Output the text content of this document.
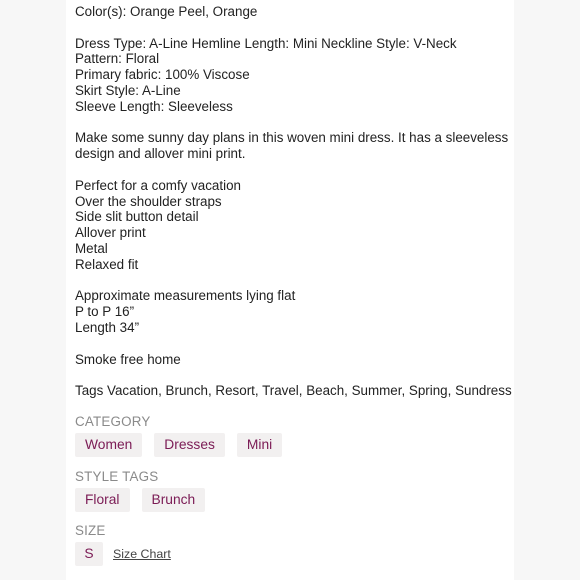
Color(s): Orange Peel, Orange
Dress Type: A-Line Hemline Length: Mini Neckline Style: V-Neck
Pattern: Floral
Primary fabric: 100% Viscose
Skirt Style: A-Line
Sleeve Length: Sleeveless
Make some sunny day plans in this woven mini dress. It has a sleeveless
design and allover mini print.
Perfect for a comfy vacation
Over the shoulder straps
Side slit button detail
Allover print
Metal
Relaxed fit
Approximate measurements lying flat
P to P 16”
Length 34”
Smoke free home
Tags Vacation, Brunch, Resort, Travel, Beach, Summer, Spring, Sundress
CATEGORY
Women	Dresses	Mini
STYLE TAGS
Floral	Brunch
SIZE
S	Size Chart
